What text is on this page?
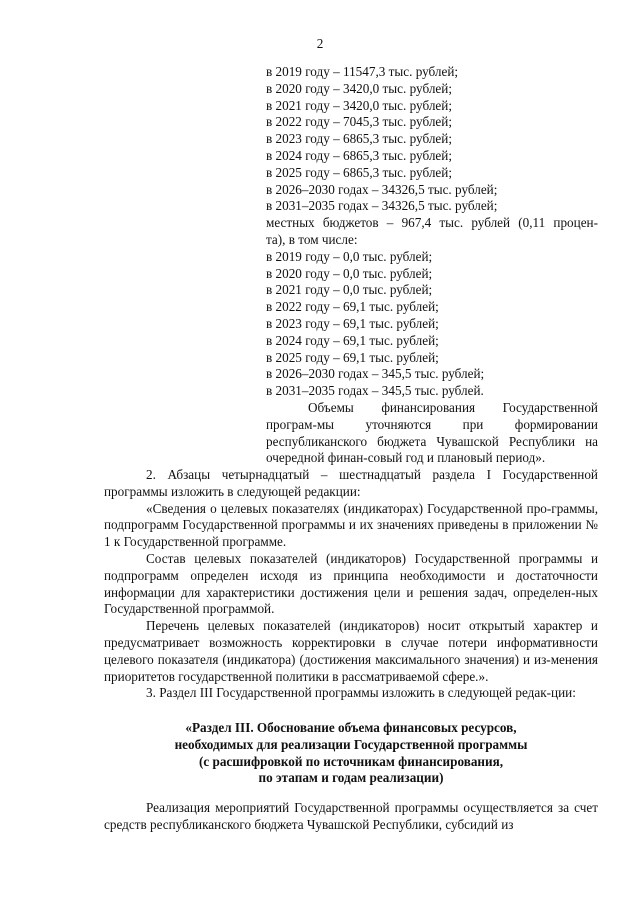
2
в 2019 году – 11547,3 тыс. рублей;
в 2020 году – 3420,0 тыс. рублей;
в 2021 году – 3420,0 тыс. рублей;
в 2022 году – 7045,3 тыс. рублей;
в 2023 году – 6865,3 тыс. рублей;
в 2024 году – 6865,3 тыс. рублей;
в 2025 году – 6865,3 тыс. рублей;
в 2026–2030 годах – 34326,5 тыс. рублей;
в 2031–2035 годах – 34326,5 тыс. рублей;
местных бюджетов – 967,4 тыс. рублей (0,11 процен-
та), в том числе:
в 2019 году – 0,0 тыс. рублей;
в 2020 году – 0,0 тыс. рублей;
в 2021 году – 0,0 тыс. рублей;
в 2022 году – 69,1 тыс. рублей;
в 2023 году – 69,1 тыс. рублей;
в 2024 году – 69,1 тыс. рублей;
в 2025 году – 69,1 тыс. рублей;
в 2026–2030 годах – 345,5 тыс. рублей;
в 2031–2035 годах – 345,5 тыс. рублей.
Объемы финансирования Государственной програм-мы уточняются при формировании республиканского бюджета Чувашской Республики на очередной финан-совый год и плановый период».
2. Абзацы четырнадцатый – шестнадцатый раздела I Государственной программы изложить в следующей редакции:
«Сведения о целевых показателях (индикаторах) Государственной про-граммы, подпрограмм Государственной программы и их значениях приведены в приложении № 1 к Государственной программе.
Состав целевых показателей (индикаторов) Государственной программы и подпрограмм определен исходя из принципа необходимости и достаточности информации для характеристики достижения цели и решения задач, определен-ных Государственной программой.
Перечень целевых показателей (индикаторов) носит открытый характер и предусматривает возможность корректировки в случае потери информативности целевого показателя (индикатора) (достижения максимального значения) и из-менения приоритетов государственной политики в рассматриваемой сфере.».
3. Раздел III Государственной программы изложить в следующей редак-ции:
«Раздел III. Обоснование объема финансовых ресурсов,
необходимых для реализации Государственной программы
(с расшифровкой по источникам финансирования,
по этапам и годам реализации)
Реализация мероприятий Государственной программы осуществляется за счет средств республиканского бюджета Чувашской Республики, субсидий из
